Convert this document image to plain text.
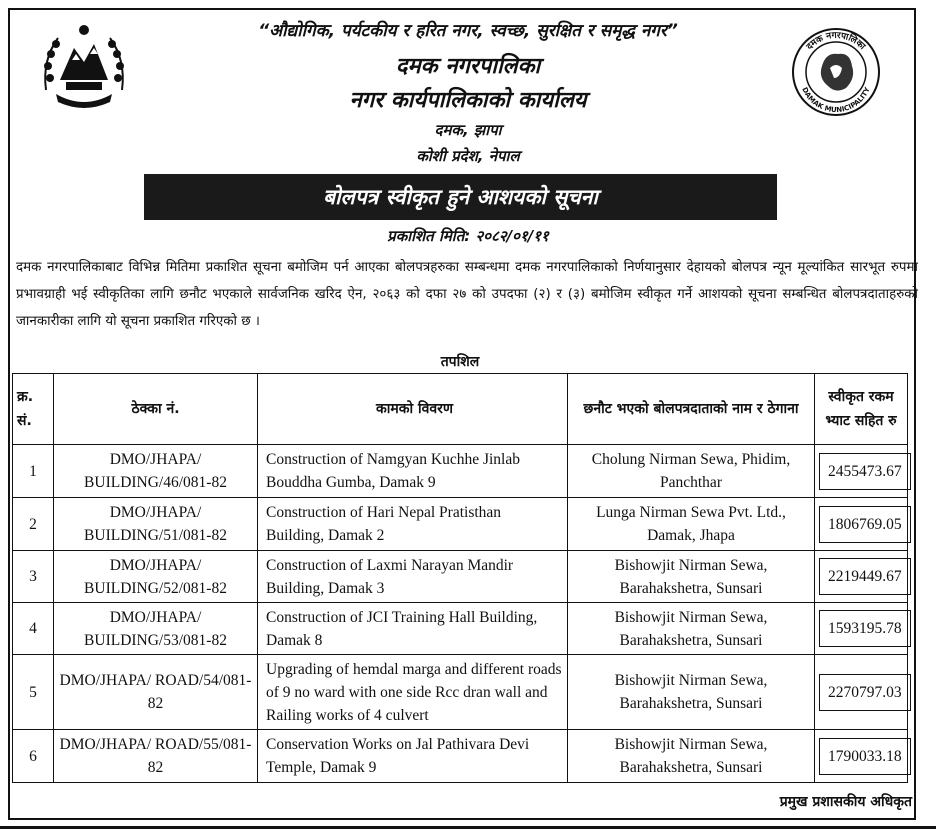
दमक नगरपालिका
DAMAK MUNICIPALITY
“औद्योगिक, पर्यटकीय र हरित नगर, स्वच्छ, सुरक्षित र समृद्ध नगर”
दमक नगरपालिका
नगर कार्यपालिकाको कार्यालय
दमक, झापा
कोशी प्रदेश, नेपाल
बोलपत्र स्वीकृत हुने आशयको सूचना
प्रकाशित मिति: २०८२/०१/११
दमक नगरपालिकाबाट विभिन्न मितिमा प्रकाशित सूचना बमोजिम पर्न आएका बोलपत्रहरुका सम्बन्धमा दमक नगरपालिकाको निर्णयानुसार देहायको बोलपत्र न्यून मूल्यांकित सारभूत रुपमा प्रभावग्राही भई स्वीकृतिका लागि छनौट भएकाले सार्वजनिक खरिद ऐन, २०६३ को दफा २७ को उपदफा (२) र (३) बमोजिम स्वीकृत गर्ने आशयको सूचना सम्बन्धित बोलपत्रदाताहरुको जानकारीका लागि यो सूचना प्रकाशित गरिएको छ ।
तपशिल
क्र. सं.	ठेक्का नं.	कामको विवरण	छनौट भएको बोलपत्रदाताको नाम र ठेगाना	स्वीकृत रकम भ्याट सहित रु
1	DMO/JHAPA/ BUILDING/46/081-82	Construction of Namgyan Kuchhe Jinlab Bouddha Gumba, Damak 9	Cholung Nirman Sewa, Phidim, Panchthar	2455473.67
2	DMO/JHAPA/ BUILDING/51/081-82	Construction of Hari Nepal Pratisthan Building, Damak 2	Lunga Nirman Sewa Pvt. Ltd., Damak, Jhapa	1806769.05
3	DMO/JHAPA/ BUILDING/52/081-82	Construction of Laxmi Narayan Mandir Building, Damak 3	Bishowjit Nirman Sewa, Barahakshetra, Sunsari	2219449.67
4	DMO/JHAPA/ BUILDING/53/081-82	Construction of JCI Training Hall Building, Damak 8	Bishowjit Nirman Sewa, Barahakshetra, Sunsari	1593195.78
5	DMO/JHAPA/ ROAD/54/081-82	Upgrading of hemdal marga and different roads of 9 no ward with one side Rcc dran wall and Railing works of 4 culvert	Bishowjit Nirman Sewa, Barahakshetra, Sunsari	2270797.03
6	DMO/JHAPA/ ROAD/55/081-82	Conservation Works on Jal Pathivara Devi Temple, Damak 9	Bishowjit Nirman Sewa, Barahakshetra, Sunsari	1790033.18
प्रमुख प्रशासकीय अधिकृत
